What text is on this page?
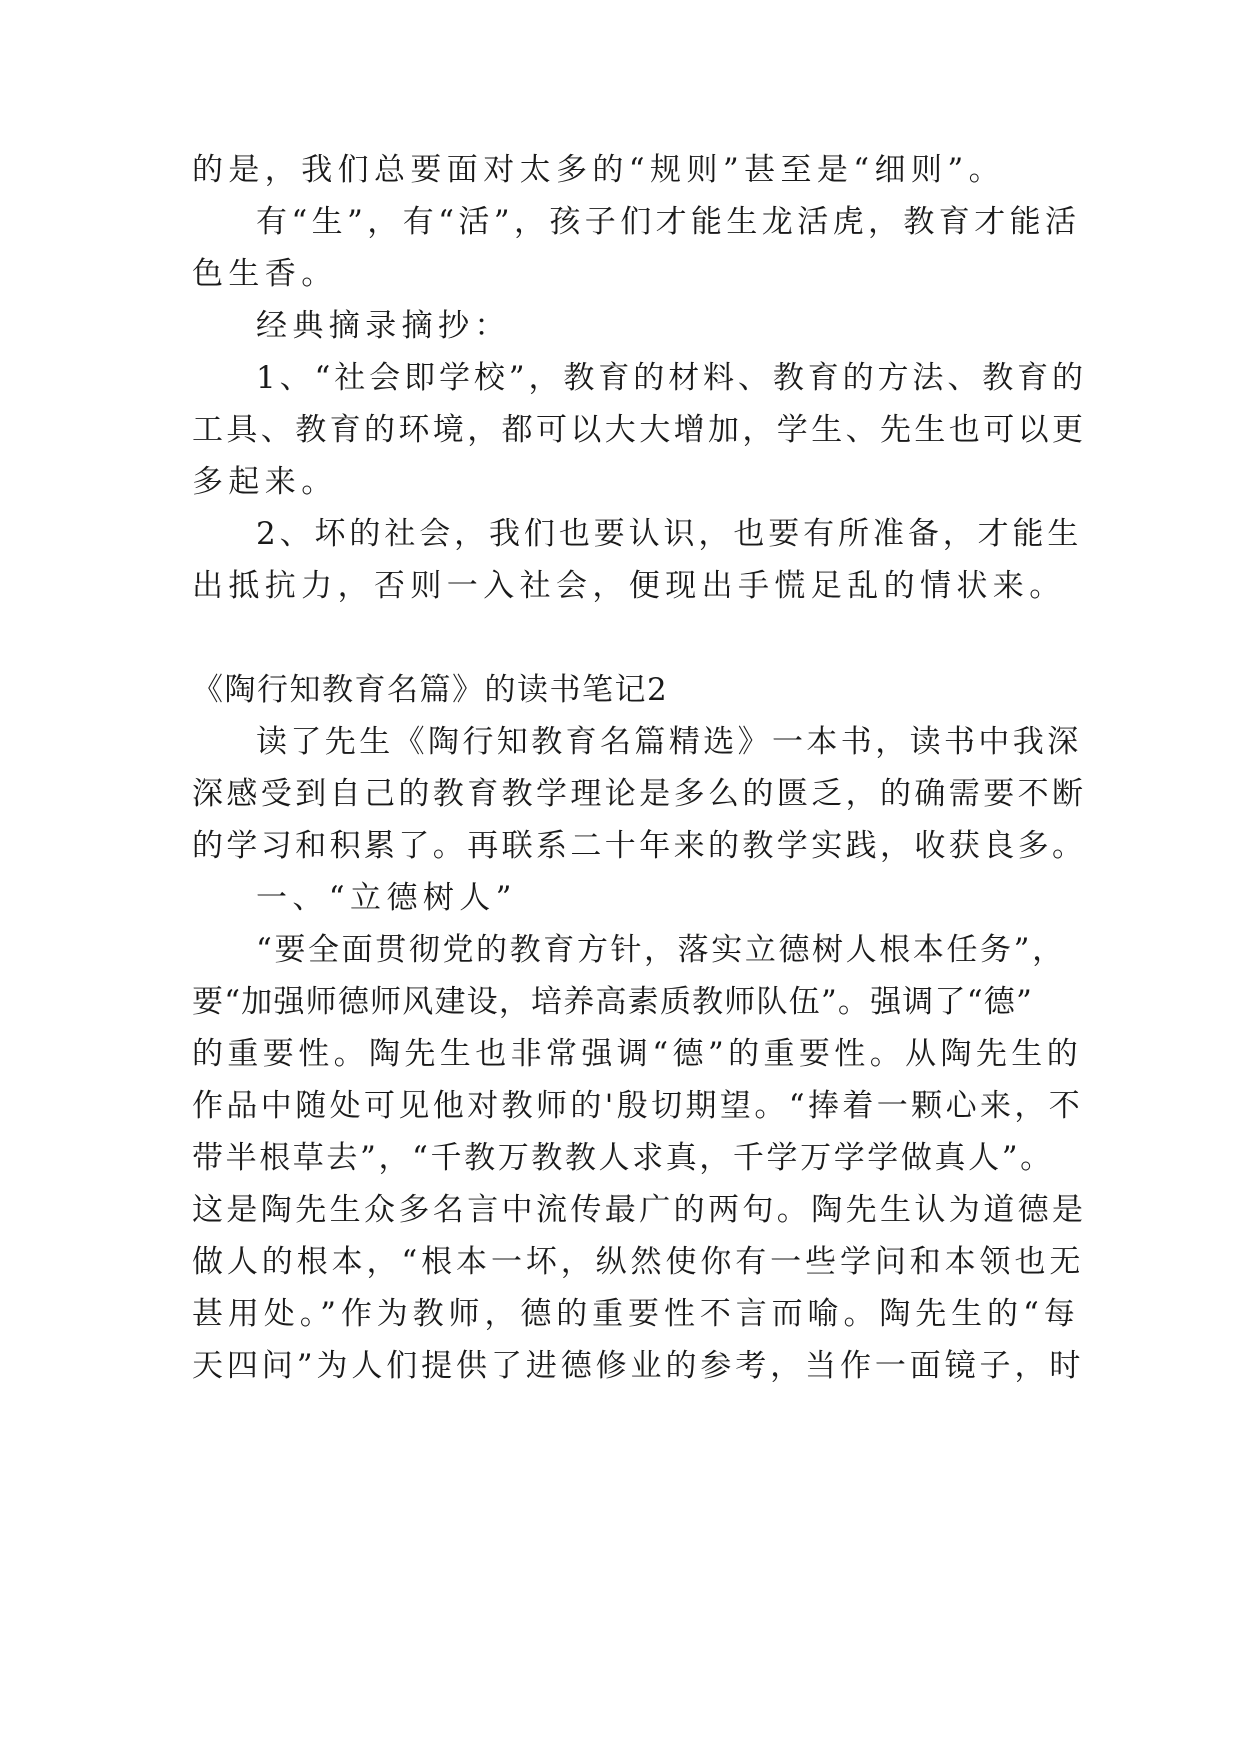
的是，我们总要面对太多的“规则”甚至是“细则”。
有“生”，有“活”，孩子们才能生龙活虎，教育才能活
色生香。
经典摘录摘抄：
1、“社会即学校”，教育的材料、教育的方法、教育的
工具、教育的环境，都可以大大增加，学生、先生也可以更
多起来。
2、坏的社会，我们也要认识，也要有所准备，才能生
出抵抗力，否则一入社会，便现出手慌足乱的情状来。
《陶行知教育名篇》的读书笔记2
读了先生《陶行知教育名篇精选》一本书，读书中我深
深感受到自己的教育教学理论是多么的匮乏，的确需要不断
的学习和积累了。再联系二十年来的教学实践，收获良多。
一、“立德树人”
“要全面贯彻党的教育方针，落实立德树人根本任务”，
要“加强师德师风建设，培养高素质教师队伍”。强调了“德”
的重要性。陶先生也非常强调“德”的重要性。从陶先生的
作品中随处可见他对教师的'殷切期望。“捧着一颗心来，不
带半根草去”，“千教万教教人求真，千学万学学做真人”。
这是陶先生众多名言中流传最广的两句。陶先生认为道德是
做人的根本，“根本一坏，纵然使你有一些学问和本领也无
甚用处。”作为教师，德的重要性不言而喻。陶先生的“每
天四问”为人们提供了进德修业的参考，当作一面镜子，时
